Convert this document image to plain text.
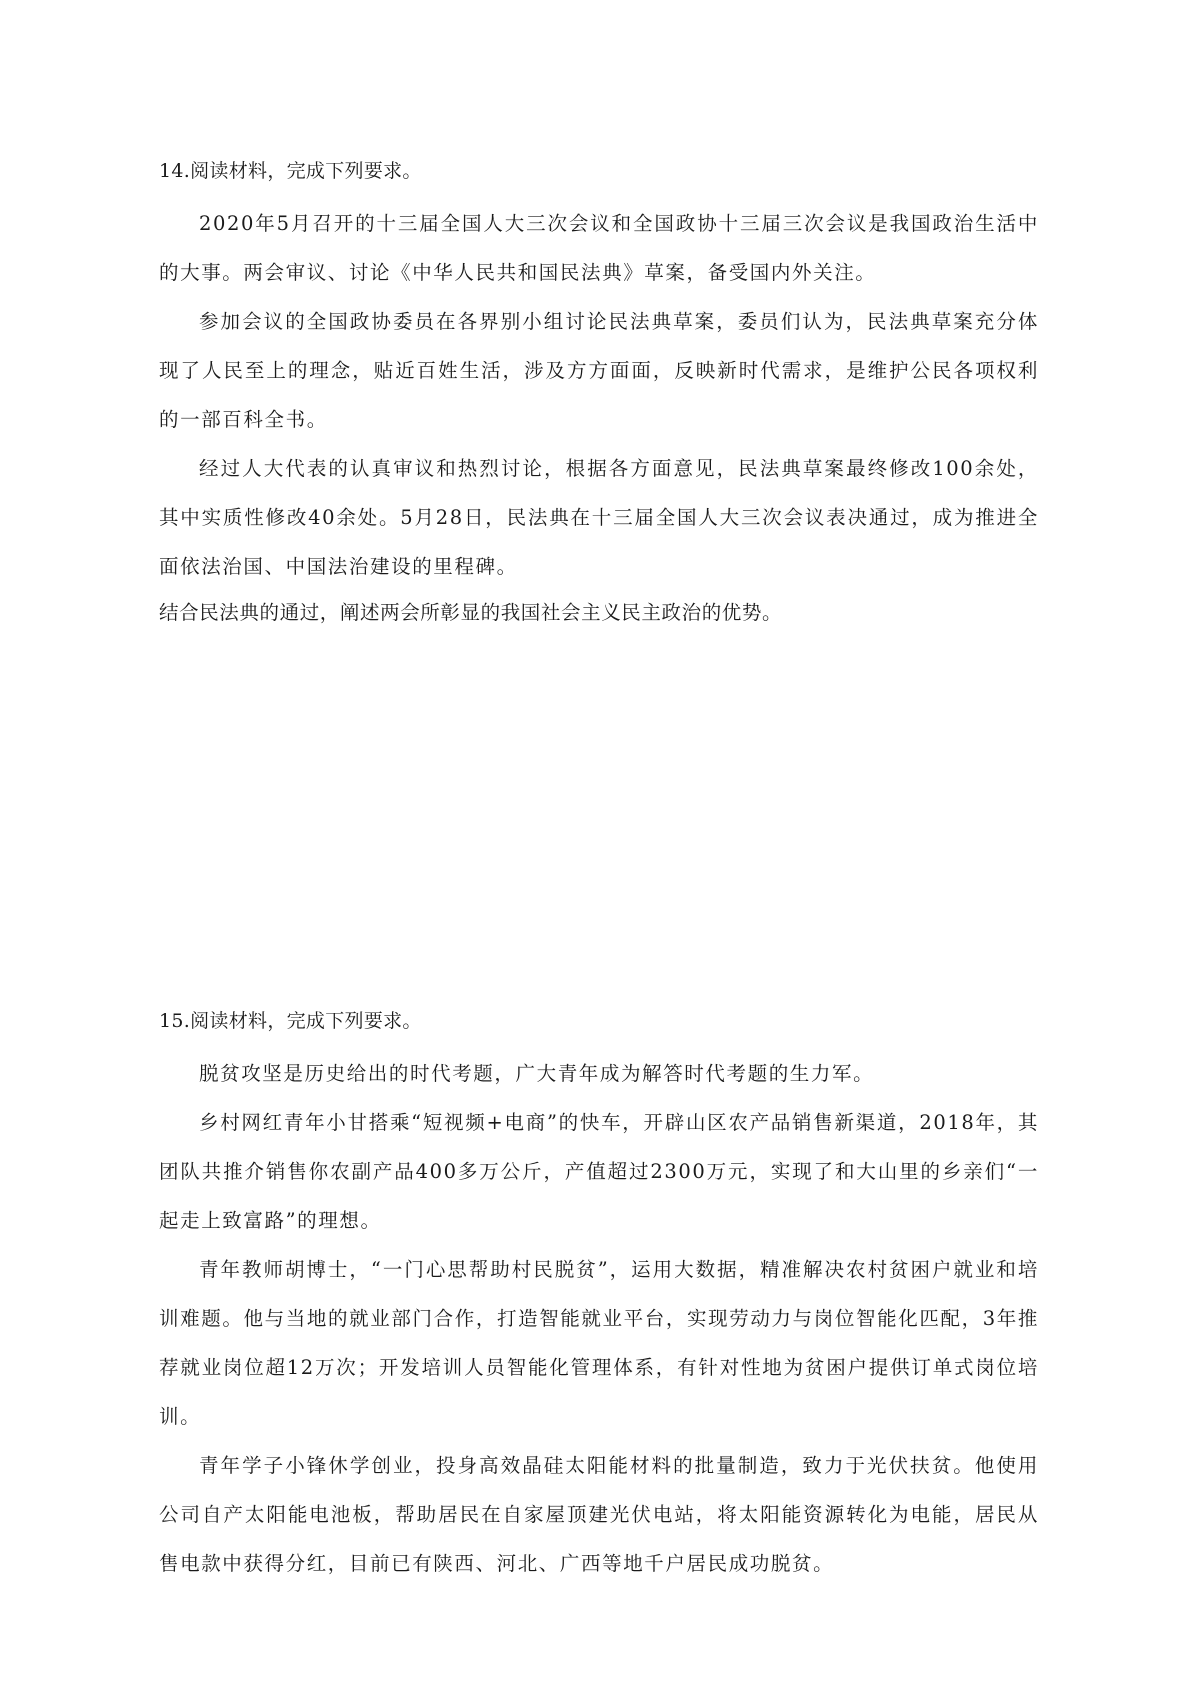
14.阅读材料，完成下列要求。

2020年5月召开的十三届全国人大三次会议和全国政协十三届三次会议是我国政治生活中的大事。两会审议、讨论《中华人民共和国民法典》草案，备受国内外关注。

参加会议的全国政协委员在各界别小组讨论民法典草案，委员们认为，民法典草案充分体现了人民至上的理念，贴近百姓生活，涉及方方面面，反映新时代需求，是维护公民各项权利的一部百科全书。

经过人大代表的认真审议和热烈讨论，根据各方面意见，民法典草案最终修改100余处，其中实质性修改40余处。5月28日，民法典在十三届全国人大三次会议表决通过，成为推进全面依法治国、中国法治建设的里程碑。

结合民法典的通过，阐述两会所彰显的我国社会主义民主政治的优势。

15.阅读材料，完成下列要求。

脱贫攻坚是历史给出的时代考题，广大青年成为解答时代考题的生力军。

乡村网红青年小甘搭乘“短视频+电商”的快车，开辟山区农产品销售新渠道，2018年，其团队共推介销售你农副产品400多万公斤，产值超过2300万元，实现了和大山里的乡亲们“一起走上致富路”的理想。

青年教师胡博士，“一门心思帮助村民脱贫”，运用大数据，精准解决农村贫困户就业和培训难题。他与当地的就业部门合作，打造智能就业平台，实现劳动力与岗位智能化匹配，3年推荐就业岗位超12万次；开发培训人员智能化管理体系，有针对性地为贫困户提供订单式岗位培训。

青年学子小锋休学创业，投身高效晶硅太阳能材料的批量制造，致力于光伏扶贫。他使用公司自产太阳能电池板，帮助居民在自家屋顶建光伏电站，将太阳能资源转化为电能，居民从售电款中获得分红，目前已有陕西、河北、广西等地千户居民成功脱贫。
